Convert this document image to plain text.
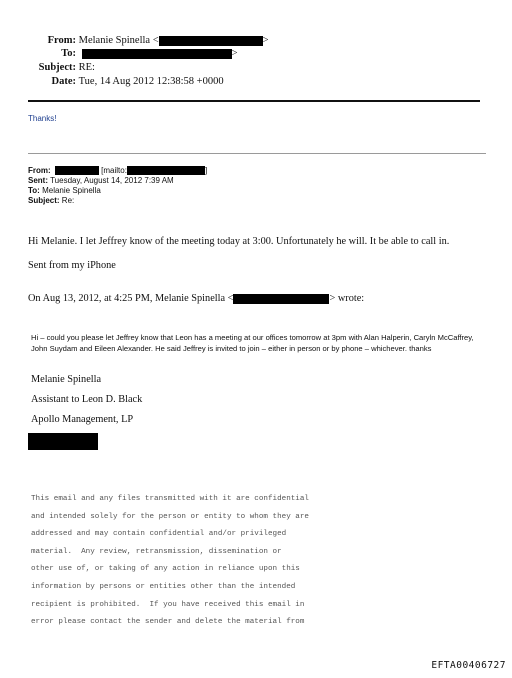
From: Melanie Spinella <	>
To:	>
Subject: RE:
Date: Tue, 14 Aug 2012 12:38:58 +0000
Thanks!
From:	[mailto:	]
Sent: Tuesday, August 14, 2012 7:39 AM
To: Melanie Spinella
Subject: Re:
Hi Melanie. I let Jeffrey know of the meeting today at 3:00. Unfortunately he will. It be able to call in.
Sent from my iPhone
On Aug 13, 2012, at 4:25 PM, Melanie Spinella <	> wrote:
Hi – could you please let Jeffrey know that Leon has a meeting at our offices tomorrow at 3pm with Alan Halperin, Caryln McCaffrey, John Suydam and Eileen Alexander. He said Jeffrey is invited to join – either in person or by phone – whichever. thanks
Melanie Spinella
Assistant to Leon D. Black
Apollo Management, LP
This email and any files transmitted with it are confidential
and intended solely for the person or entity to whom they are
addressed and may contain confidential and/or privileged
material.  Any review, retransmission, dissemination or
other use of, or taking of any action in reliance upon this
information by persons or entities other than the intended
recipient is prohibited.  If you have received this email in
error please contact the sender and delete the material from
EFTA00406727
